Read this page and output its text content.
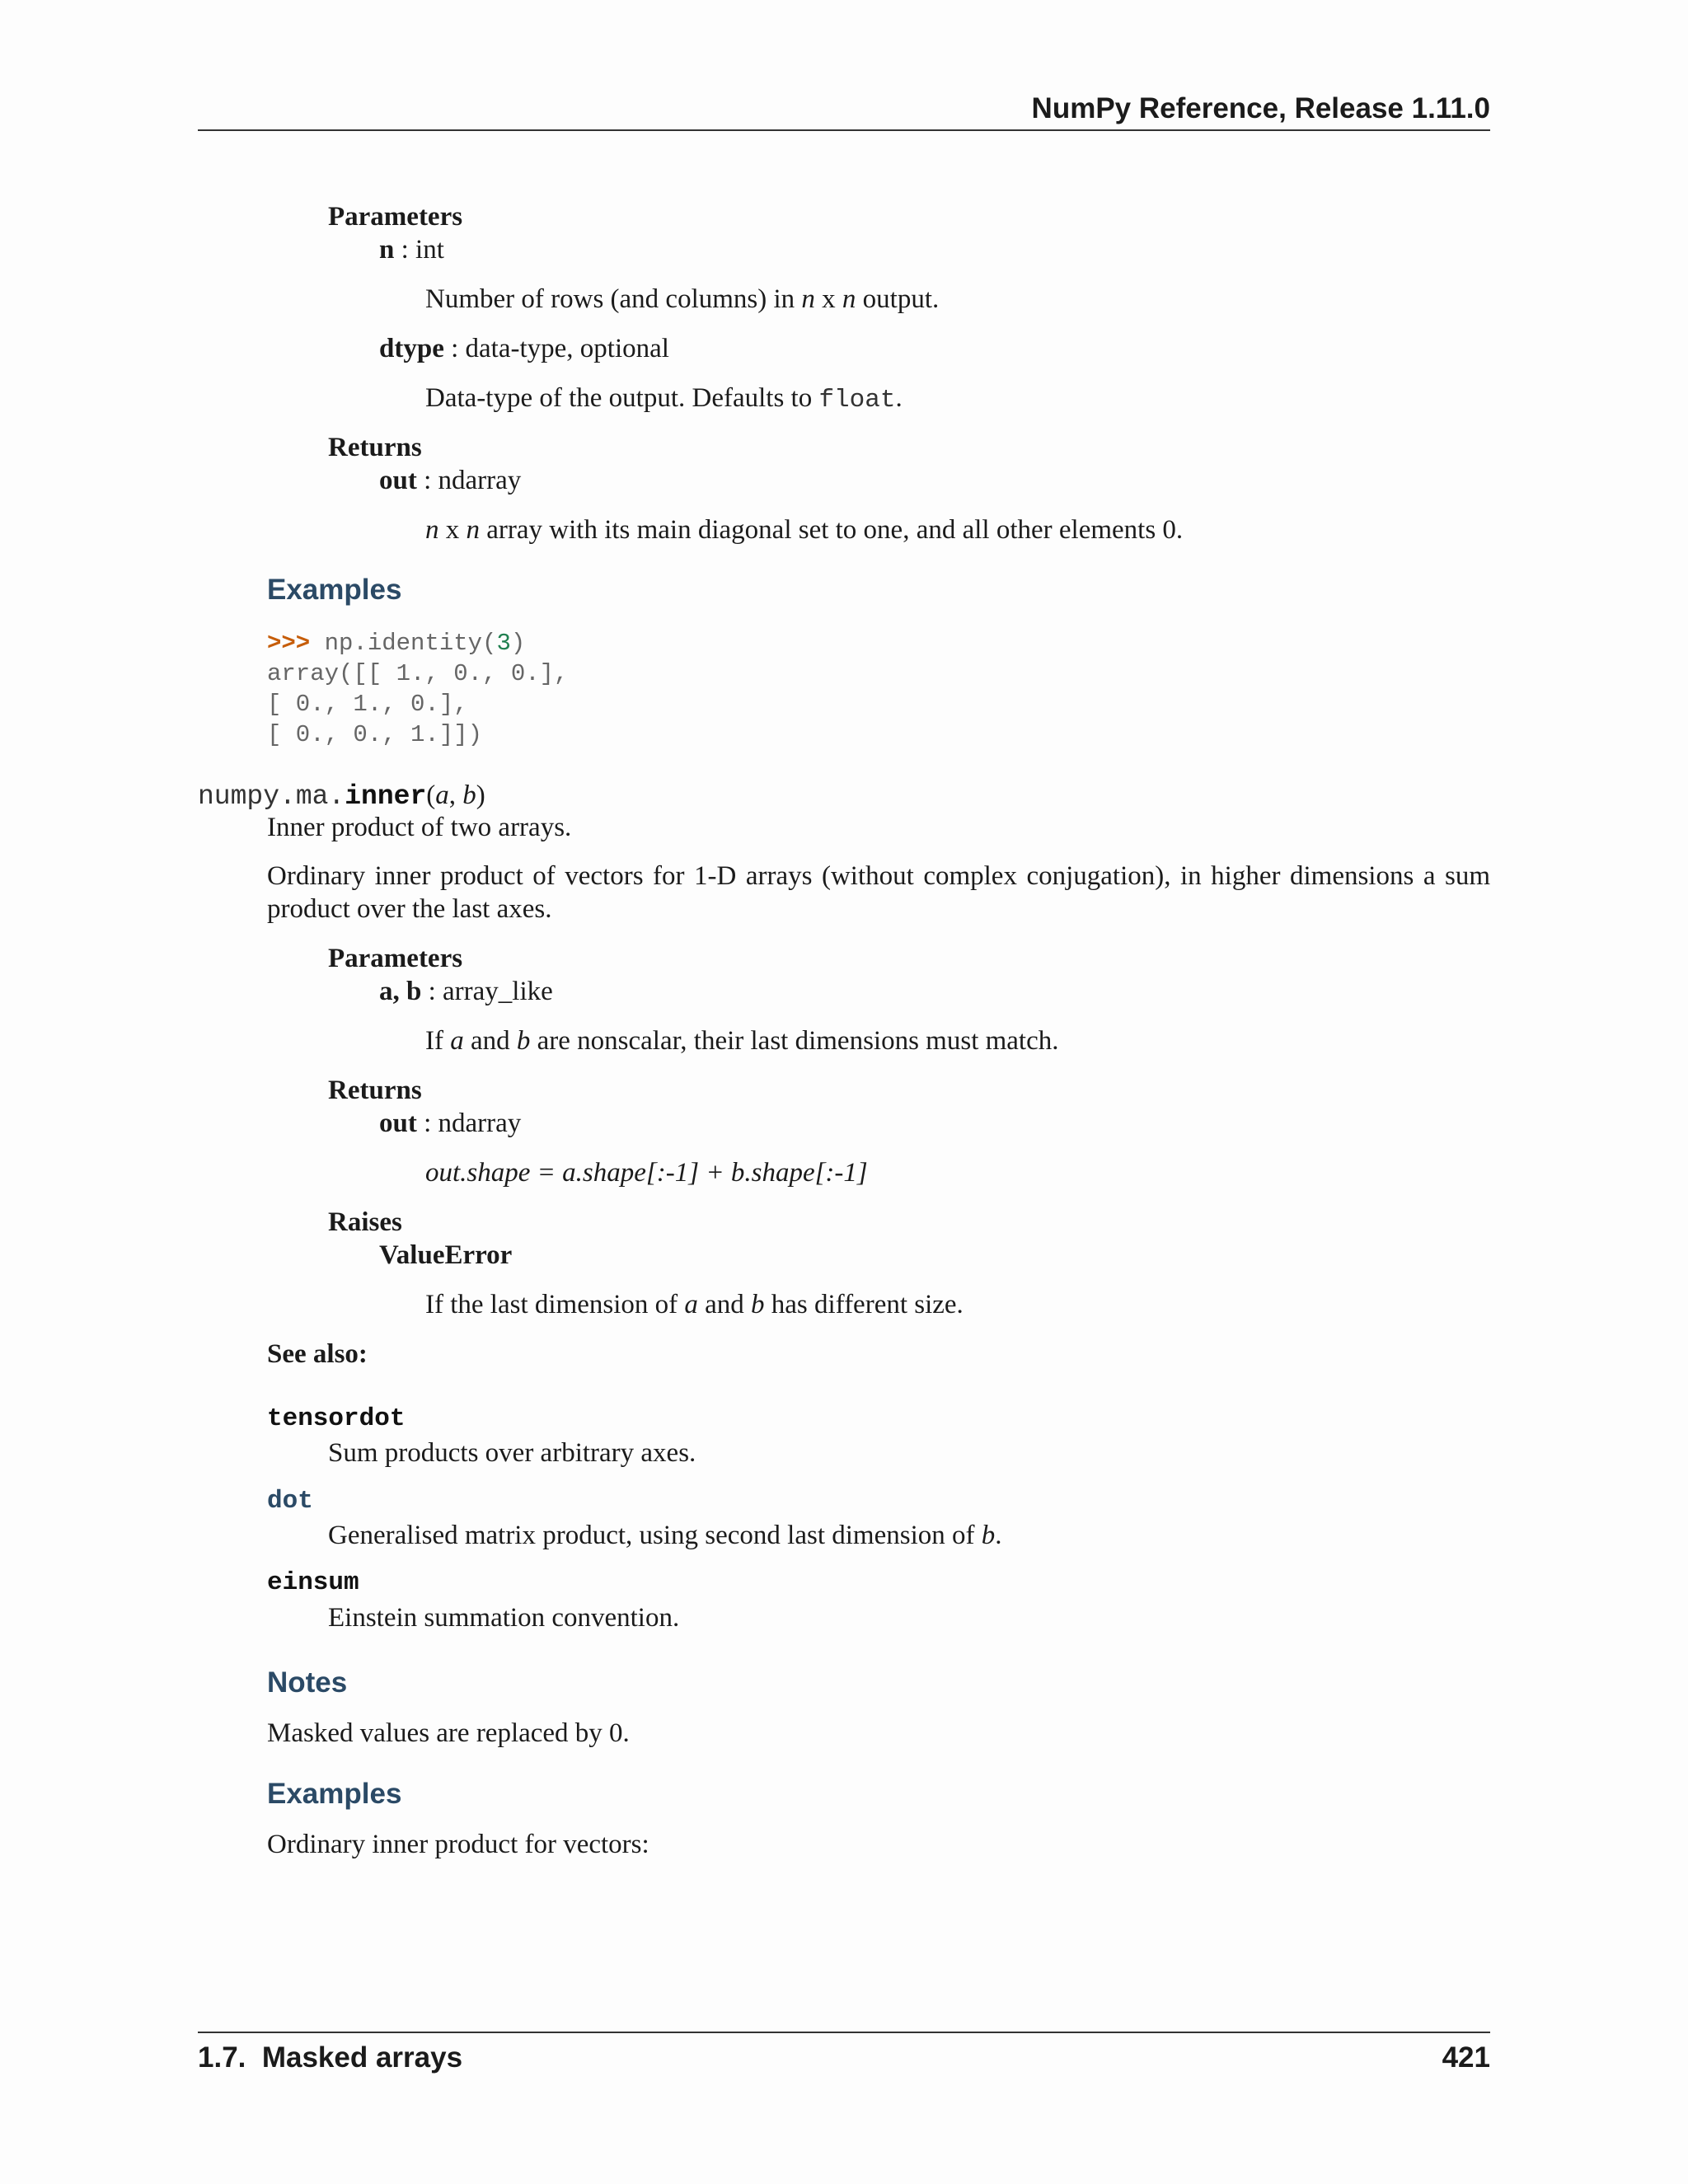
NumPy Reference, Release 1.11.0
Parameters
n : int
Number of rows (and columns) in n x n output.
dtype : data-type, optional
Data-type of the output. Defaults to float.
Returns
out : ndarray
n x n array with its main diagonal set to one, and all other elements 0.
Examples
>>> np.identity(3)
array([[ 1., 0., 0.],
[ 0., 1., 0.],
[ 0., 0., 1.]])
numpy.ma.inner(a, b)
Inner product of two arrays.
Ordinary inner product of vectors for 1-D arrays (without complex conjugation), in higher dimensions a sum
product over the last axes.
Parameters
a, b : array_like
If a and b are nonscalar, their last dimensions must match.
Returns
out : ndarray
out.shape = a.shape[:-1] + b.shape[:-1]
Raises
ValueError
If the last dimension of a and b has different size.
See also:
tensordot
Sum products over arbitrary axes.
dot
Generalised matrix product, using second last dimension of b.
einsum
Einstein summation convention.
Notes
Masked values are replaced by 0.
Examples
Ordinary inner product for vectors:
1.7.  Masked arrays	421
